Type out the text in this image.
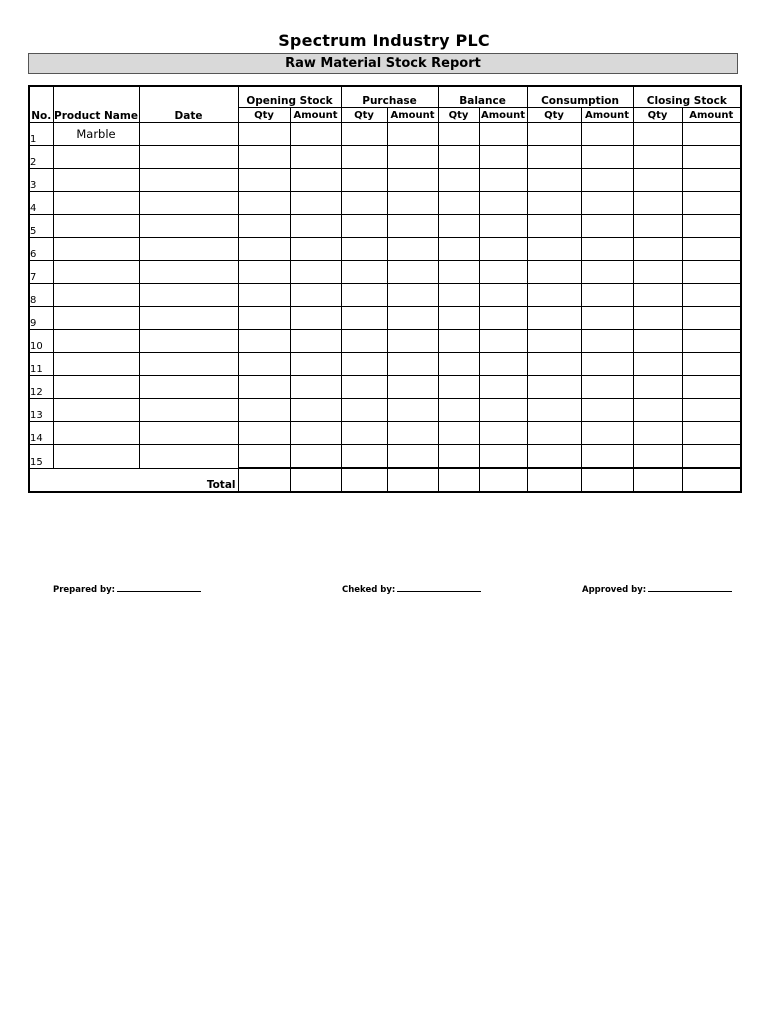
Spectrum Industry PLC
Raw Material Stock Report
No.	Product Name	Date	Opening Stock		Purchase		Balance		Consumption		Closing Stock	
			Qty	Amount	Qty	Amount	Qty	Amount	Qty	Amount	Qty	Amount
1	Marble											
2												
3												
4												
5												
6												
7												
8												
9												
10												
11												
12												
13												
14												
15												
Total												
Prepared by:	Cheked by:	Approved by:
